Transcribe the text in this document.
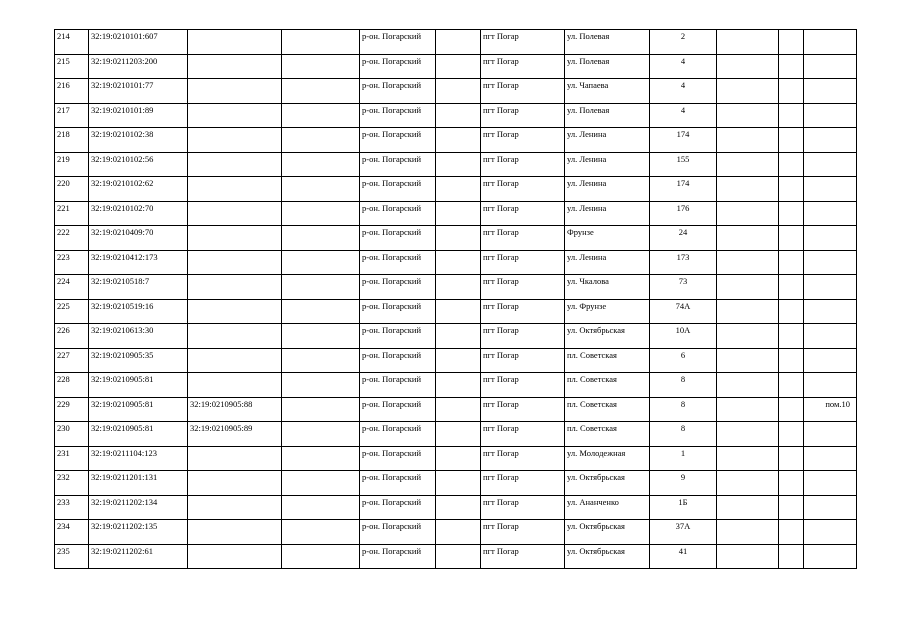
214	32:19:0210101:607			р-он. Погарский		пгт Погар	ул. Полевая	2			
215	32:19:0211203:200			р-он. Погарский		пгт Погар	ул. Полевая	4			
216	32:19:0210101:77			р-он. Погарский		пгт Погар	ул. Чапаева	4			
217	32:19:0210101:89			р-он. Погарский		пгт Погар	ул. Полевая	4			
218	32:19:0210102:38			р-он. Погарский		пгт Погар	ул. Ленина	174			
219	32:19:0210102:56			р-он. Погарский		пгт Погар	ул. Ленина	155			
220	32:19:0210102:62			р-он. Погарский		пгт Погар	ул. Ленина	174			
221	32:19:0210102:70			р-он. Погарский		пгт Погар	ул. Ленина	176			
222	32:19:0210409:70			р-он. Погарский		пгт Погар	Фрунзе	24			
223	32:19:0210412:173			р-он. Погарский		пгт Погар	ул. Ленина	173			
224	32:19:0210518:7			р-он. Погарский		пгт Погар	ул. Чкалова	73			
225	32:19:0210519:16			р-он. Погарский		пгт Погар	ул. Фрунзе	74А			
226	32:19:0210613:30			р-он. Погарский		пгт Погар	ул. Октябрьская	10А			
227	32:19:0210905:35			р-он. Погарский		пгт Погар	пл. Советская	6			
228	32:19:0210905:81			р-он. Погарский		пгт Погар	пл. Советская	8			
229	32:19:0210905:81	32:19:0210905:88		р-он. Погарский		пгт Погар	пл. Советская	8			пом.10
230	32:19:0210905:81	32:19:0210905:89		р-он. Погарский		пгт Погар	пл. Советская	8			
231	32:19:0211104:123			р-он. Погарский		пгт Погар	ул. Молодежная	1			
232	32:19:0211201:131			р-он. Погарский		пгт Погар	ул. Октябрьская	9			
233	32:19:0211202:134			р-он. Погарский		пгт Погар	ул. Ананченко	1Б			
234	32:19:0211202:135			р-он. Погарский		пгт Погар	ул. Октябрьская	37А			
235	32:19:0211202:61			р-он. Погарский		пгт Погар	ул. Октябрьская	41			
